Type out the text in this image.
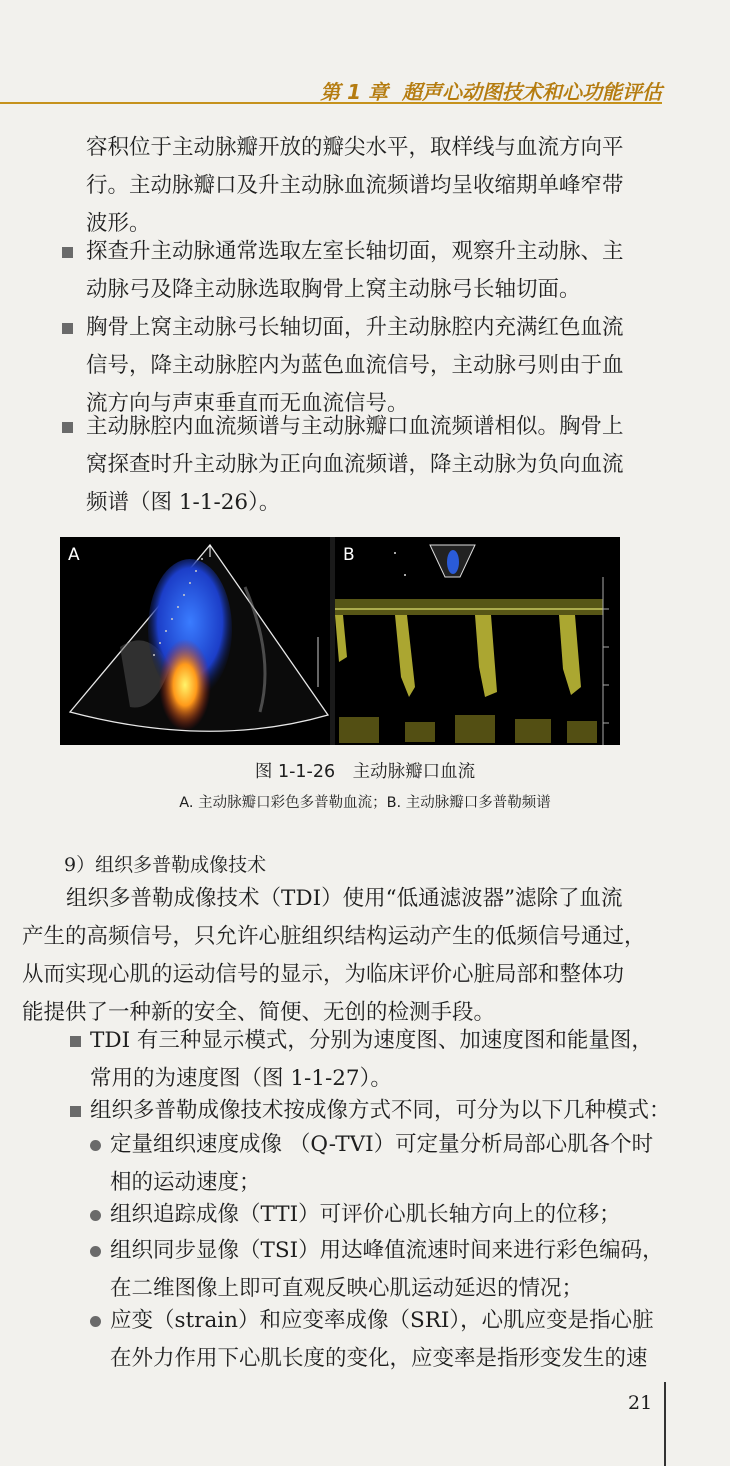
第 1 章 超声心动图技术和心功能评估
容积位于主动脉瓣开放的瓣尖水平，取样线与血流方向平
行。主动脉瓣口及升主动脉血流频谱均呈收缩期单峰窄带
波形。
探查升主动脉通常选取左室长轴切面，观察升主动脉、主
动脉弓及降主动脉选取胸骨上窝主动脉弓长轴切面。
胸骨上窝主动脉弓长轴切面，升主动脉腔内充满红色血流
信号，降主动脉腔内为蓝色血流信号，主动脉弓则由于血
流方向与声束垂直而无血流信号。
主动脉腔内血流频谱与主动脉瓣口血流频谱相似。胸骨上
窝探查时升主动脉为正向血流频谱，降主动脉为负向血流
频谱（图 1-1-26）。
A	B
图 1-1-26　主动脉瓣口血流
A. 主动脉瓣口彩色多普勒血流；B. 主动脉瓣口多普勒频谱
9）组织多普勒成像技术
组织多普勒成像技术（TDI）使用“低通滤波器”滤除了血流
产生的高频信号，只允许心脏组织结构运动产生的低频信号通过，
从而实现心肌的运动信号的显示，为临床评价心脏局部和整体功
能提供了一种新的安全、简便、无创的检测手段。
TDI 有三种显示模式，分别为速度图、加速度图和能量图，
常用的为速度图（图 1-1-27）。
组织多普勒成像技术按成像方式不同，可分为以下几种模式：
定量组织速度成像 （Q-TVI）可定量分析局部心肌各个时
相的运动速度；
组织追踪成像（TTI）可评价心肌长轴方向上的位移；
组织同步显像（TSI）用达峰值流速时间来进行彩色编码，
在二维图像上即可直观反映心肌运动延迟的情况；
应变（strain）和应变率成像（SRI），心肌应变是指心脏
在外力作用下心肌长度的变化，应变率是指形变发生的速
21
